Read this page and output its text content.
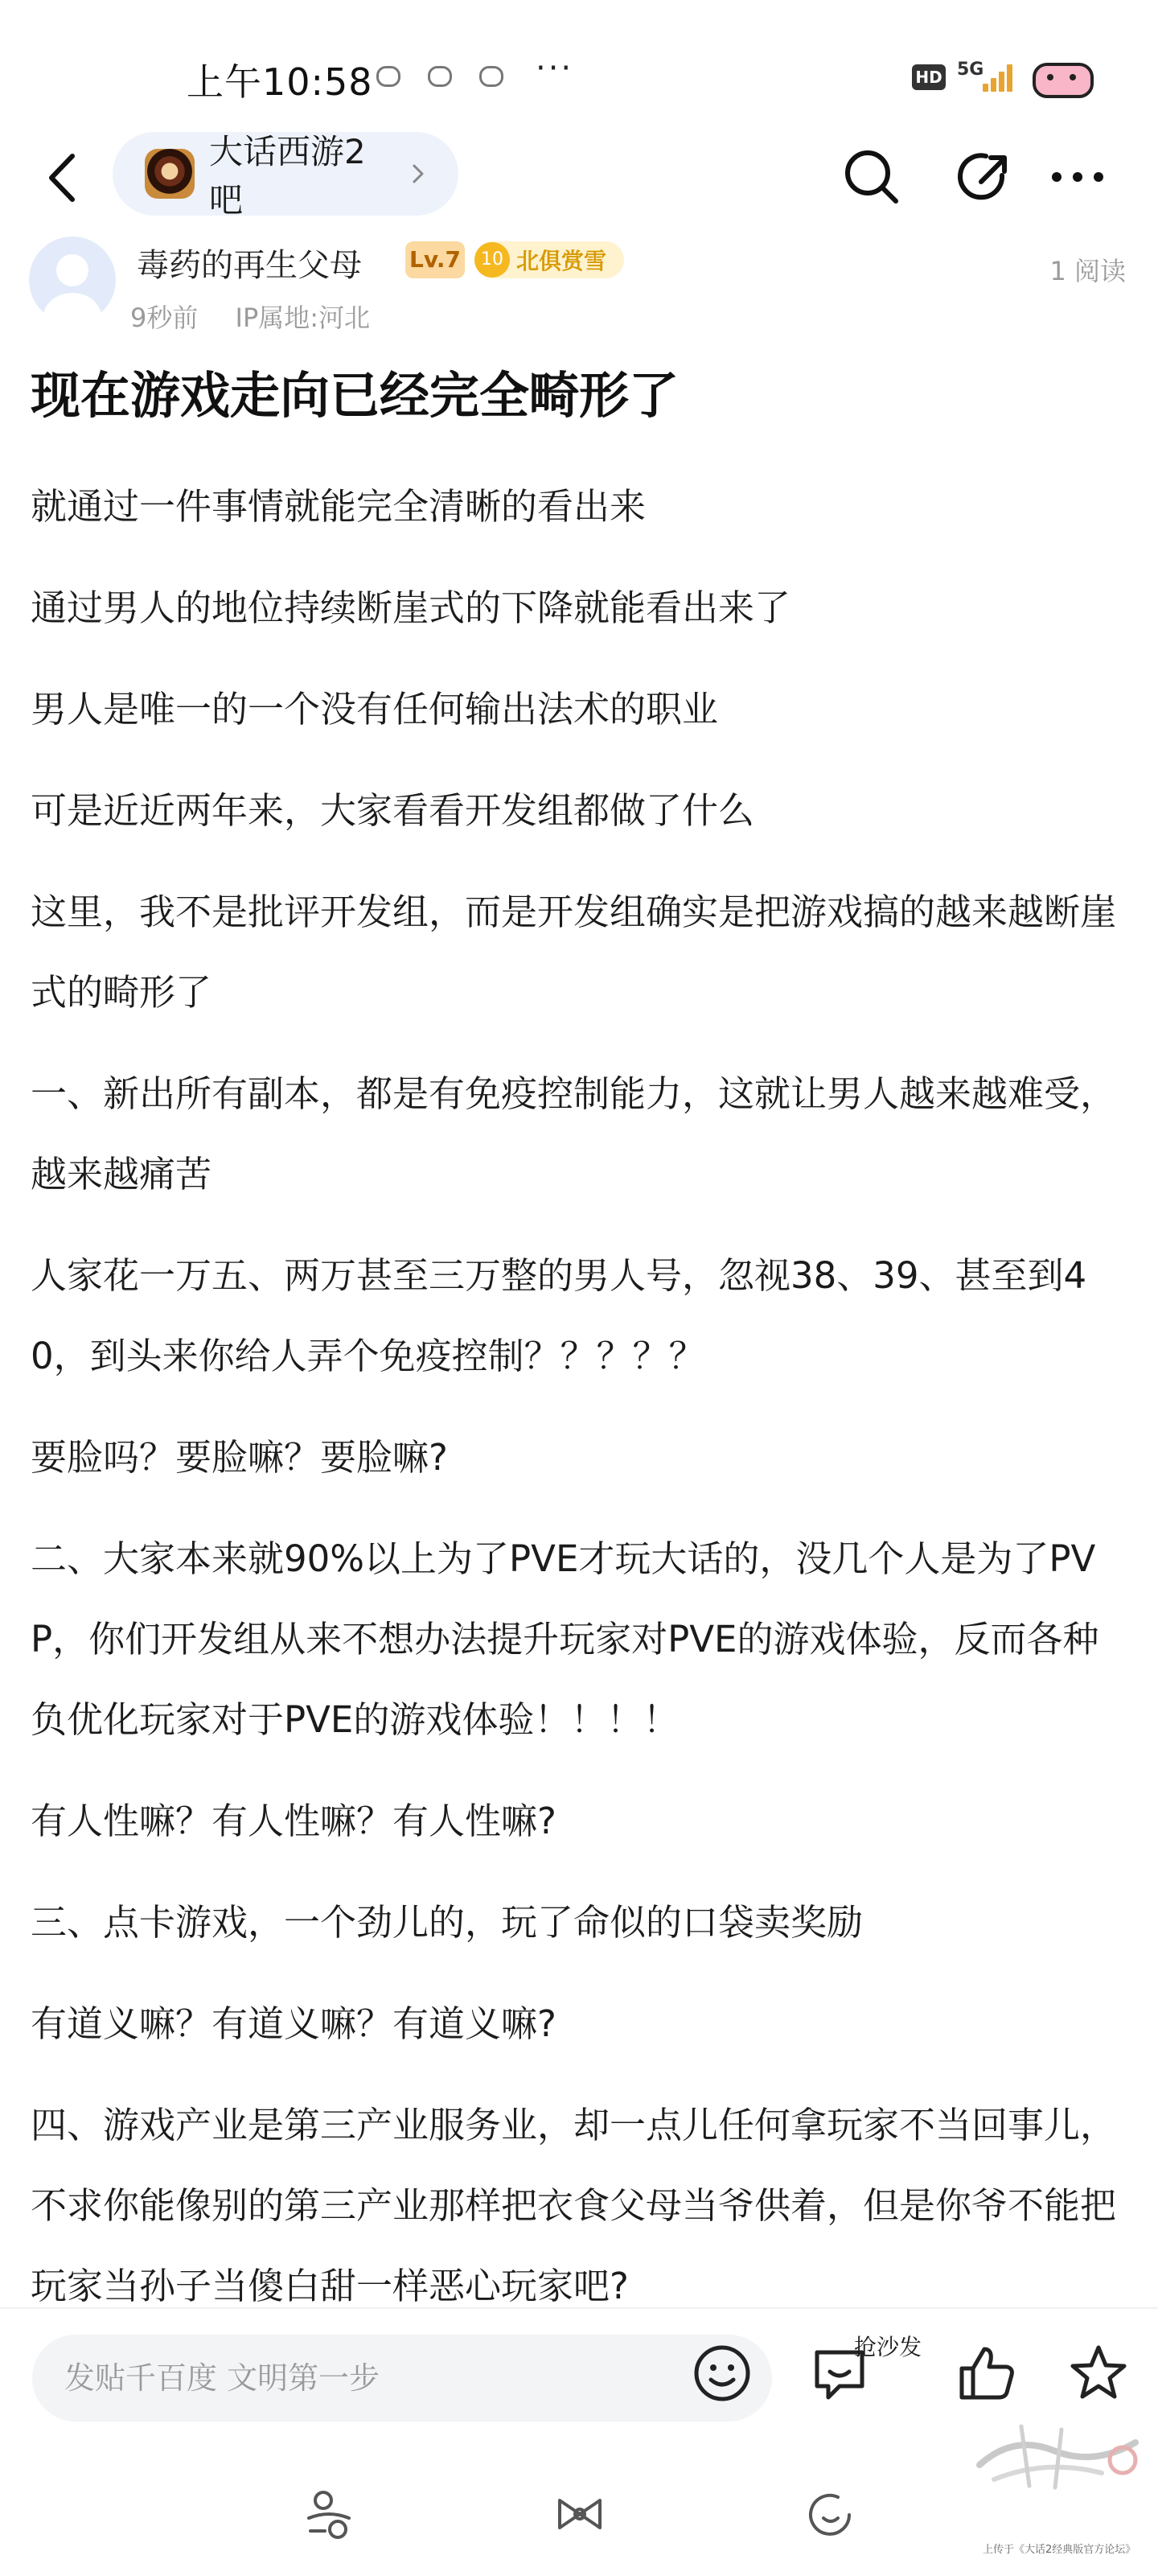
上午10:58	···	HD 5G
大话西游2吧
毒药的再生父母 Lv.7	10 北俱赏雪	1 阅读
9秒前 IP属地:河北
现在游戏走向已经完全畸形了

就通过一件事情就能完全清晰的看出来

通过男人的地位持续断崖式的下降就能看出来了

男人是唯一的一个没有任何输出法术的职业

可是近近两年来，大家看看开发组都做了什么

这里，我不是批评开发组，而是开发组确实是把游戏搞的越来越断崖式的畸形了

一、新出所有副本，都是有免疫控制能力，这就让男人越来越难受，越来越痛苦

人家花一万五、两万甚至三万整的男人号，忽视38、39、甚至到40，到头来你给人弄个免疫控制？？？？？

要脸吗？要脸嘛？要脸嘛?

二、大家本来就90%以上为了PVE才玩大话的，没几个人是为了PVP，你们开发组从来不想办法提升玩家对PVE的游戏体验，反而各种负优化玩家对于PVE的游戏体验！！！！

有人性嘛？有人性嘛？有人性嘛?

三、点卡游戏，一个劲儿的，玩了命似的口袋卖奖励

有道义嘛？有道义嘛？有道义嘛?

四、游戏产业是第三产业服务业，却一点儿任何拿玩家不当回事儿，不求你能像别的第三产业那样把衣食父母当爷供着，但是你爷不能把玩家当孙子当傻白甜一样恶心玩家吧?

发贴千百度 文明第一步
抢沙发
上传于《大话2经典版官方论坛》
